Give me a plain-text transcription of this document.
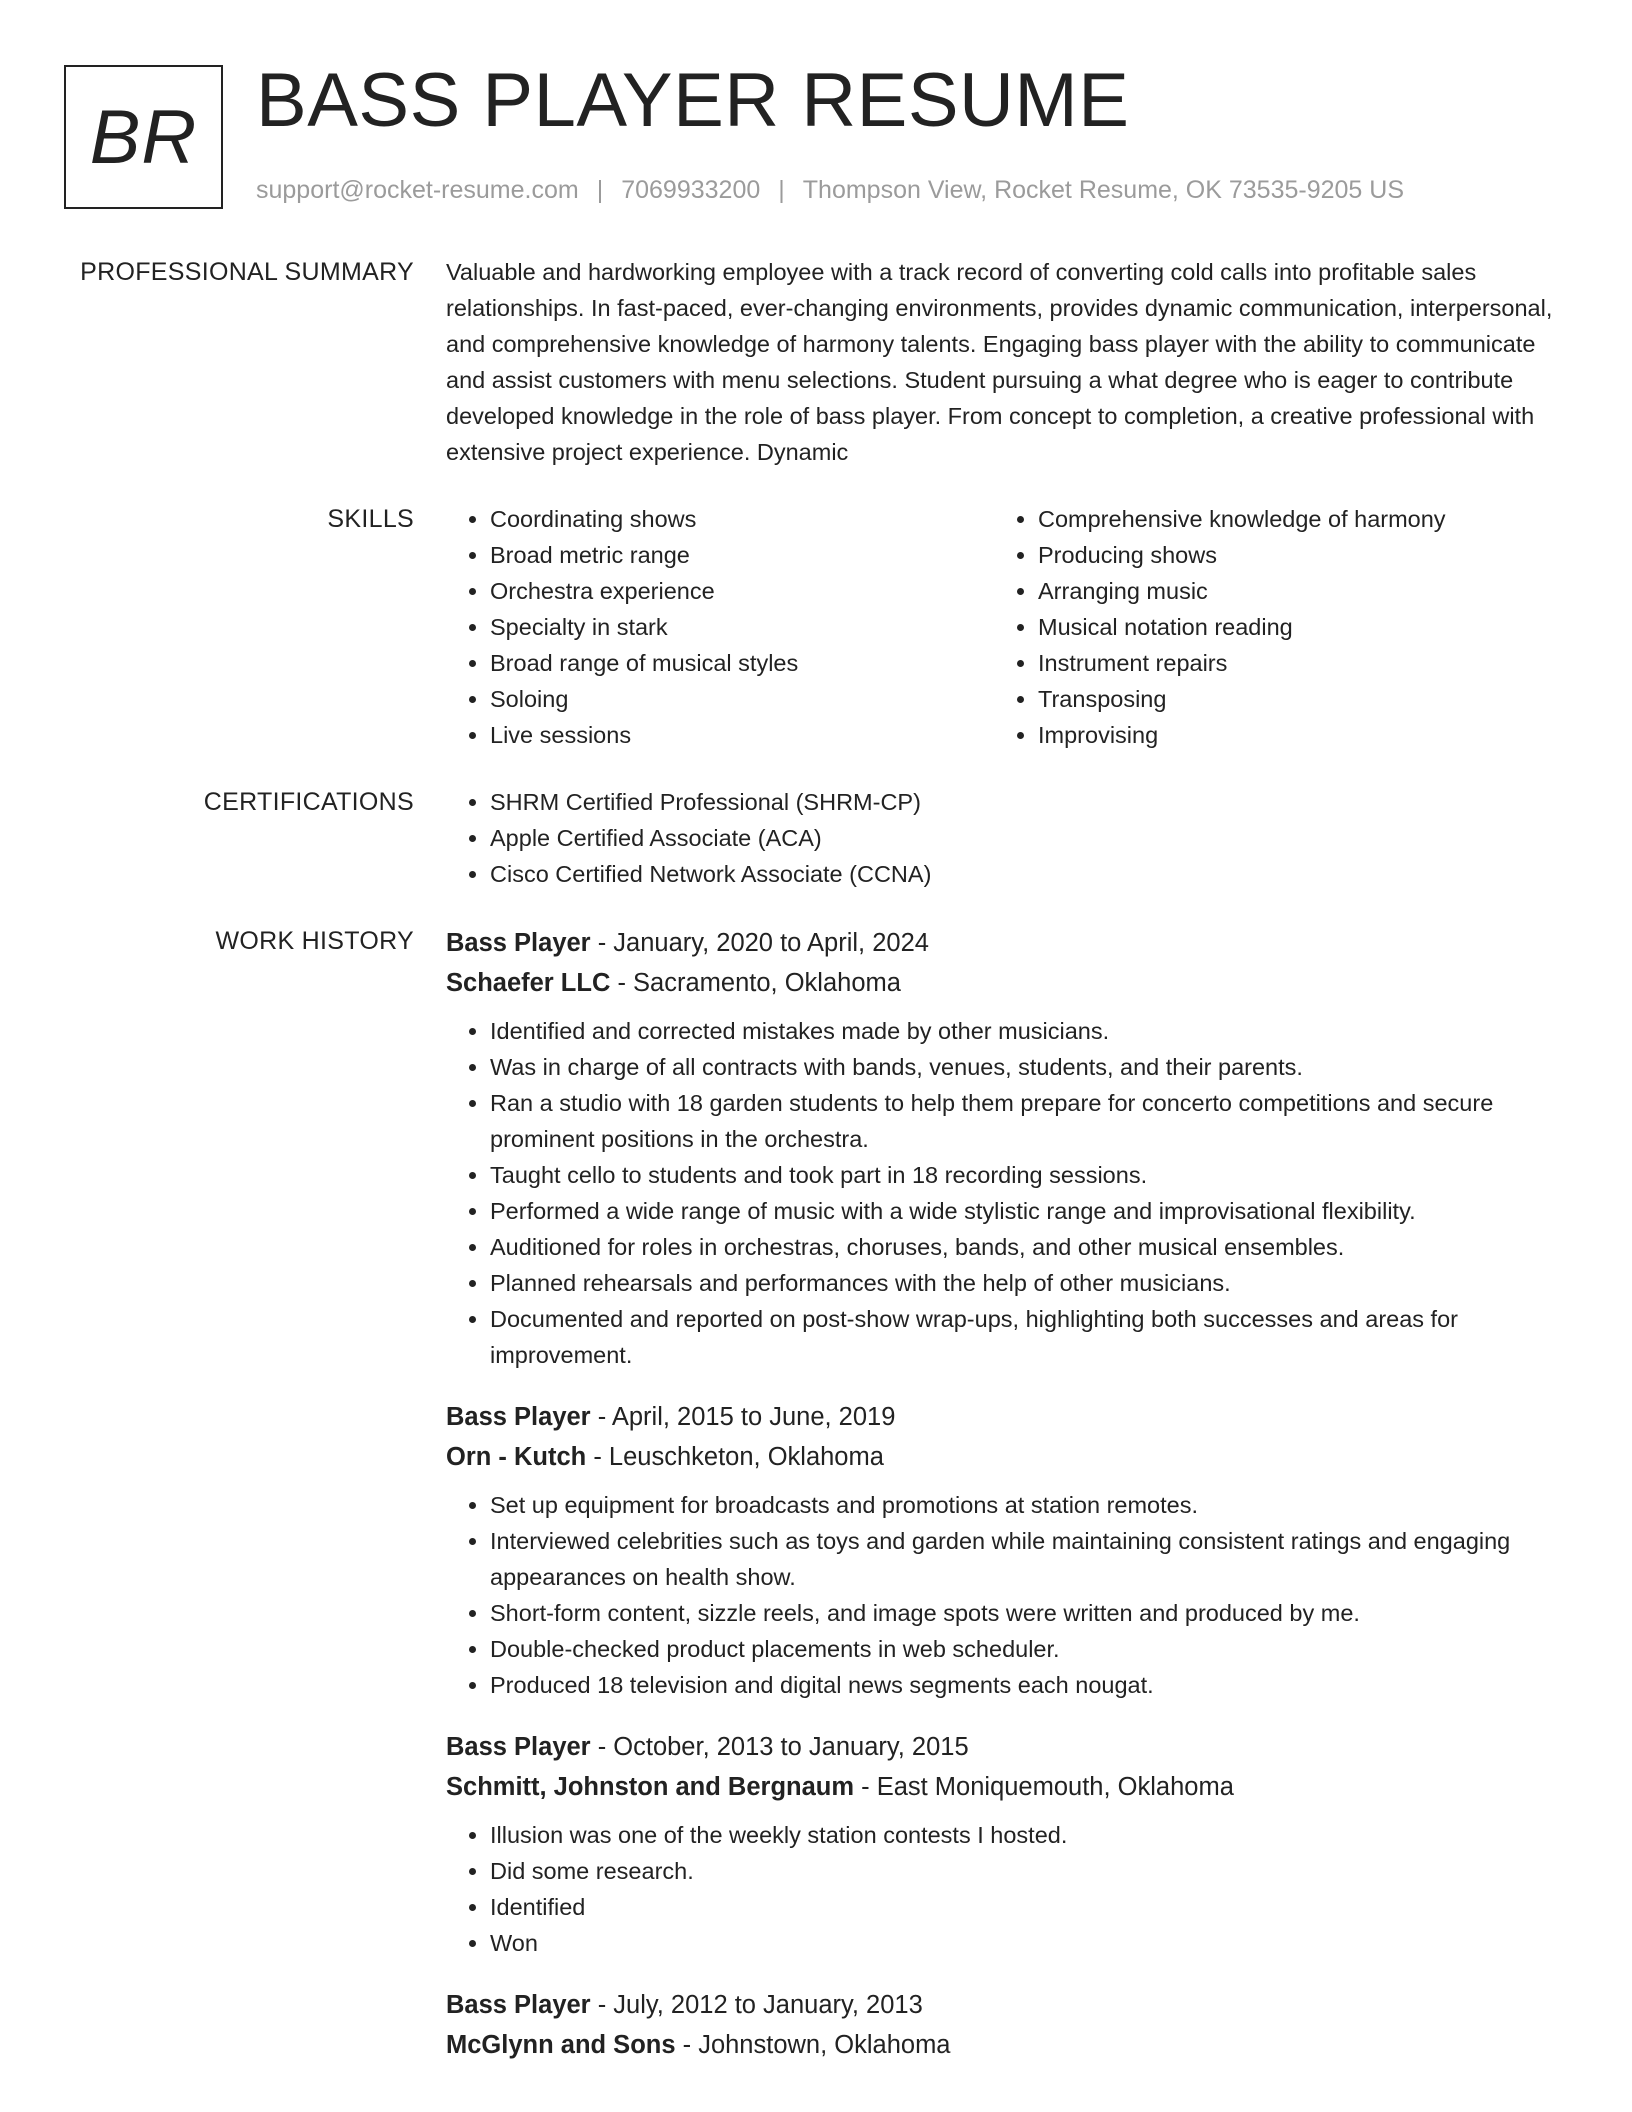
BR BASS PLAYER RESUME
support@rocket-resume.com | 7069933200 | Thompson View, Rocket Resume, OK 73535-9205 US
PROFESSIONAL SUMMARY Valuable and hardworking employee with a track record of converting cold calls into profitable sales relationships. In fast-paced, ever-changing environments, provides dynamic communication, interpersonal, and comprehensive knowledge of harmony talents. Engaging bass player with the ability to communicate and assist customers with menu selections. Student pursuing a what degree who is eager to contribute developed knowledge in the role of bass player. From concept to completion, a creative professional with extensive project experience. Dynamic
SKILLS	• Coordinating shows
• Broad metric range
• Orchestra experience
• Specialty in stark
• Broad range of musical styles
• Soloing
• Live sessions
• Comprehensive knowledge of harmony
• Producing shows
• Arranging music
• Musical notation reading
• Instrument repairs
• Transposing
• Improvising
CERTIFICATIONS	• SHRM Certified Professional (SHRM-CP)
• Apple Certified Associate (ACA)
• Cisco Certified Network Associate (CCNA)
WORK HISTORY Bass Player - January, 2020 to April, 2024
Schaefer LLC - Sacramento, Oklahoma
• Identified and corrected mistakes made by other musicians.
• Was in charge of all contracts with bands, venues, students, and their parents.
• Ran a studio with 18 garden students to help them prepare for concerto competitions and secure prominent positions in the orchestra.
• Taught cello to students and took part in 18 recording sessions.
• Performed a wide range of music with a wide stylistic range and improvisational flexibility.
• Auditioned for roles in orchestras, choruses, bands, and other musical ensembles.
• Planned rehearsals and performances with the help of other musicians.
• Documented and reported on post-show wrap-ups, highlighting both successes and areas for improvement.
Bass Player - April, 2015 to June, 2019
Orn - Kutch - Leuschketon, Oklahoma
• Set up equipment for broadcasts and promotions at station remotes.
• Interviewed celebrities such as toys and garden while maintaining consistent ratings and engaging appearances on health show.
• Short-form content, sizzle reels, and image spots were written and produced by me.
• Double-checked product placements in web scheduler.
• Produced 18 television and digital news segments each nougat.
Bass Player - October, 2013 to January, 2015
Schmitt, Johnston and Bergnaum - East Moniquemouth, Oklahoma
• Illusion was one of the weekly station contests I hosted.
• Did some research.
• Identified
• Won
Bass Player - July, 2012 to January, 2013
McGlynn and Sons - Johnstown, Oklahoma
